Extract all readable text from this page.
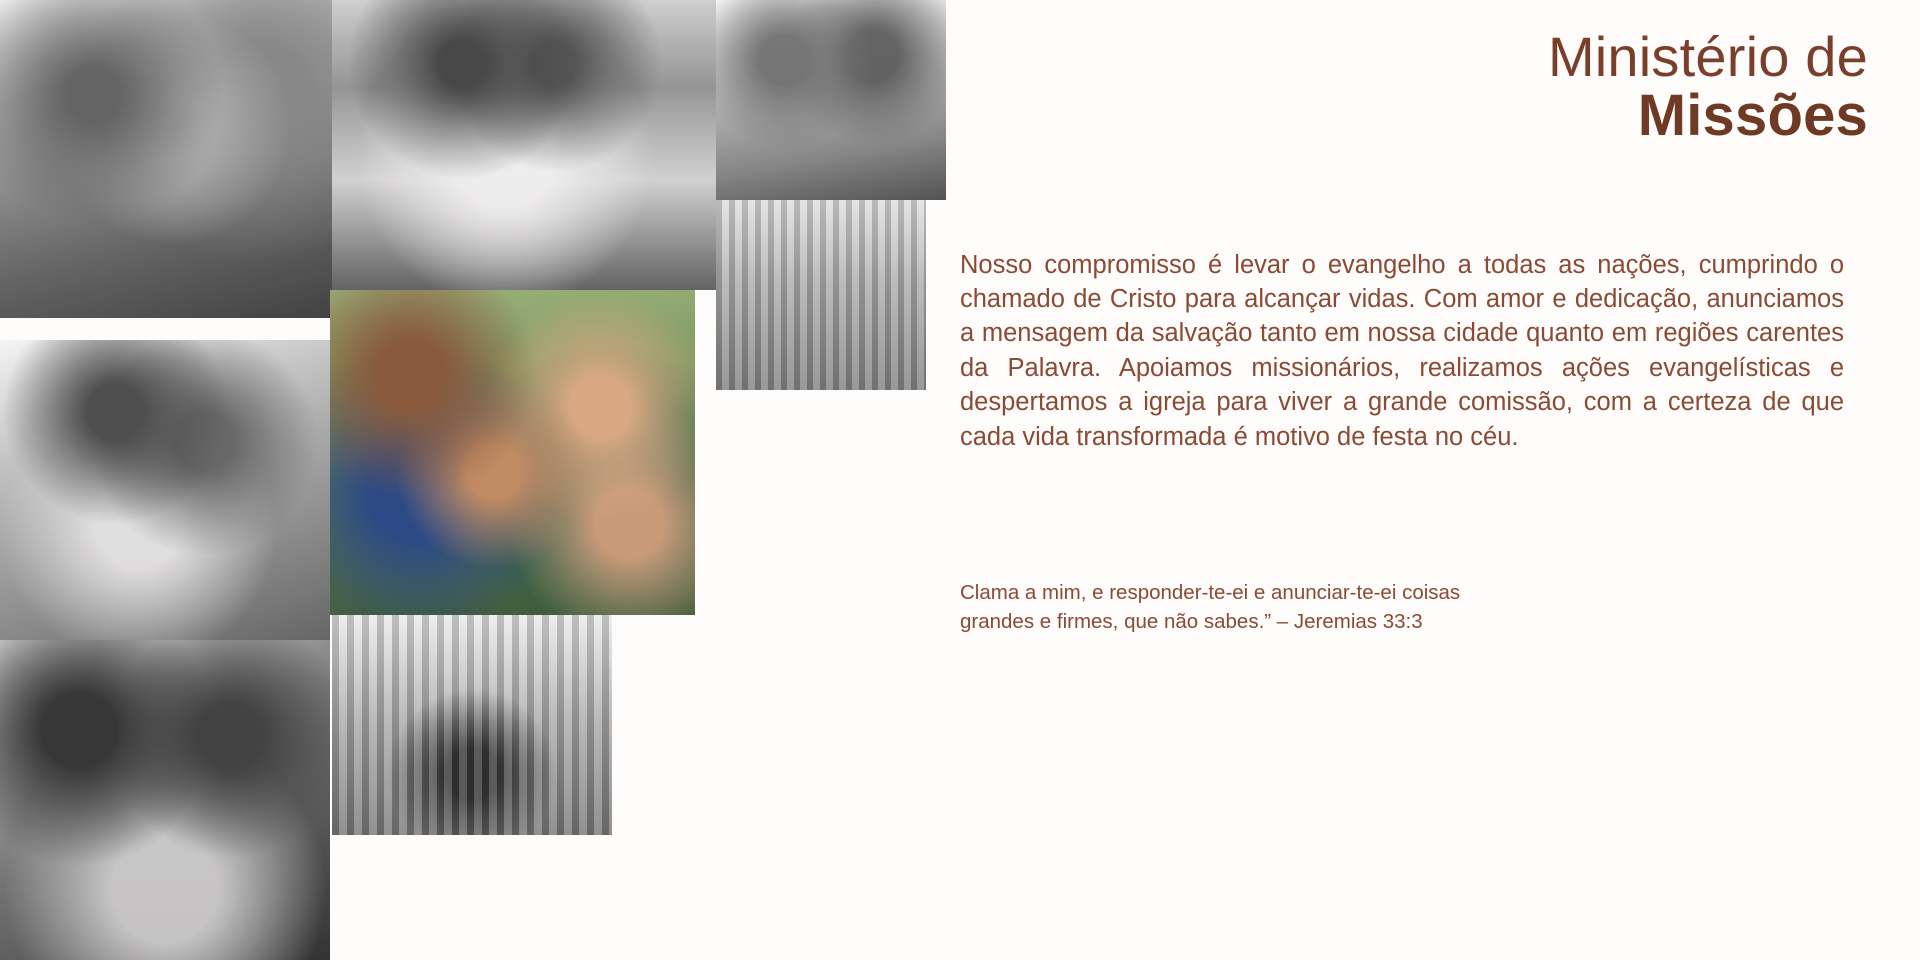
Ministério de
Missões

Nosso compromisso é levar o evangelho a todas as nações, cumprindo o chamado de Cristo para alcançar vidas. Com amor e dedicação, anunciamos a mensagem da salvação tanto em nossa cidade quanto em regiões carentes da Palavra. Apoiamos missionários, realizamos ações evangelísticas e despertamos a igreja para viver a grande comissão, com a certeza de que cada vida transformada é motivo de festa no céu.

Clama a mim, e responder-te-ei e anunciar-te-ei coisas
grandes e firmes, que não sabes.” – Jeremias 33:3
